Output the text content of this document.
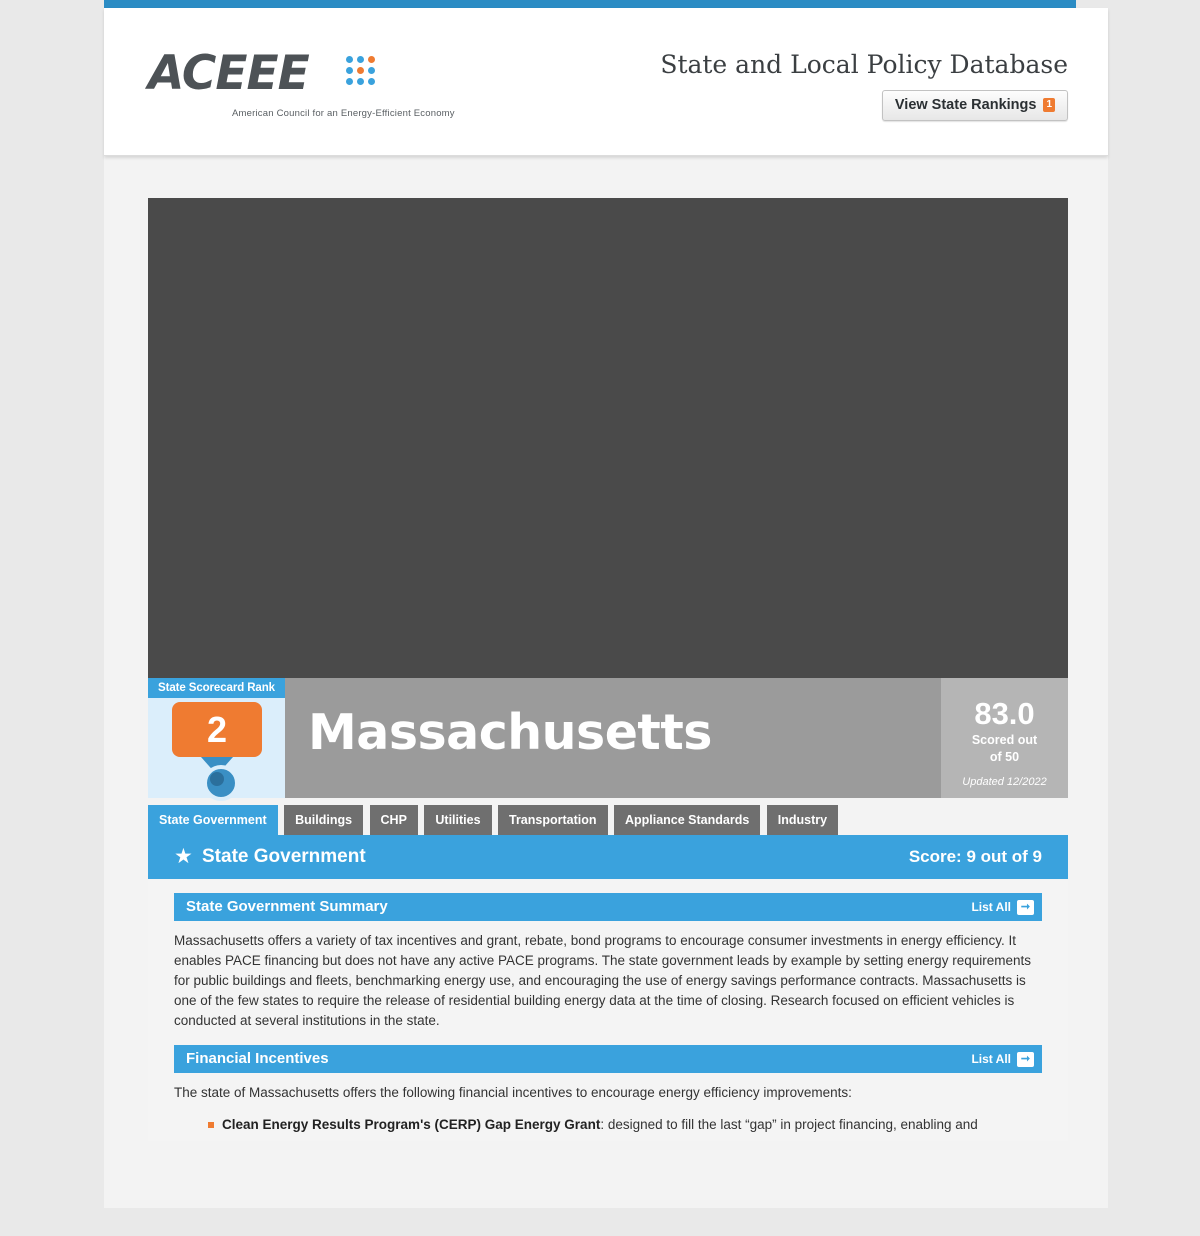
ACEEE
American Council for an Energy-Efficient Economy
State and Local Policy Database
View State Rankings 1
State Scorecard Rank
2	Massachusetts	83.0
Scored out
of 50
Updated 12/2022
State Government Buildings CHP Utilities Transportation Appliance Standards Industry
★ State Government	Score: 9 out of 9
State Government Summary	List All ➞

Massachusetts offers a variety of tax incentives and grant, rebate, bond programs to encourage consumer investments in energy efficiency. It enables PACE financing but does not have any active PACE programs. The state government leads by example by setting energy requirements for public buildings and fleets, benchmarking energy use, and encouraging the use of energy savings performance contracts. Massachusetts is one of the few states to require the release of residential building energy data at the time of closing. Research focused on efficient vehicles is conducted at several institutions in the state.

Financial Incentives	List All ➞

The state of Massachusetts offers the following financial incentives to encourage energy efficiency improvements:

Clean Energy Results Program's (CERP) Gap Energy Grant: designed to fill the last “gap” in project financing, enabling and
